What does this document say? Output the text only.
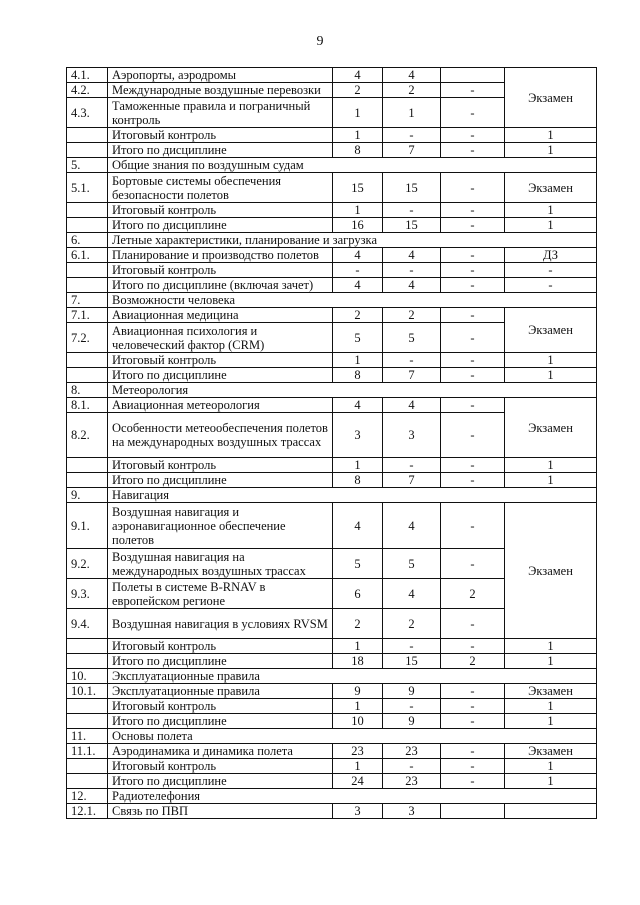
9
4.1.	Аэропорты, аэродромы	4	4		Экзамен
4.2.	Международные воздушные перевозки	2	2	-	
4.3.	Таможенные правила и пограничный контроль	1	1	-	
	Итоговый контроль	1	-	-	1
	Итого по дисциплине	8	7	-	1
5.	Общие знания по воздушным судам				
5.1.	Бортовые системы обеспечения безопасности полетов	15	15	-	Экзамен
	Итоговый контроль	1	-	-	1
	Итого по дисциплине	16	15	-	1
6.	Летные характеристики, планирование и загрузка				
6.1.	Планирование и производство полетов	4	4	-	ДЗ
	Итоговый контроль	-	-	-	-
	Итого по дисциплине (включая зачет)	4	4	-	-
7.	Возможности человека				
7.1.	Авиационная медицина	2	2	-	Экзамен
7.2.	Авиационная психология и человеческий фактор (CRM)	5	5	-	
	Итоговый контроль	1	-	-	1
	Итого по дисциплине	8	7	-	1
8.	Метеорология				
8.1.	Авиационная метеорология	4	4	-	Экзамен
8.2.	Особенности метеообеспечения полетов на международных воздушных трассах	3	3	-	
	Итоговый контроль	1	-	-	1
	Итого по дисциплине	8	7	-	1
9.	Навигация				
9.1.	Воздушная навигация и аэронавигационное обеспечение полетов	4	4	-	Экзамен
9.2.	Воздушная навигация на международных воздушных трассах	5	5	-	
9.3.	Полеты в системе B-RNAV в европейском регионе	6	4	2	
9.4.	Воздушная навигация в условиях RVSM	2	2	-	
	Итоговый контроль	1	-	-	1
	Итого по дисциплине	18	15	2	1
10.	Эксплуатационные правила				
10.1.	Эксплуатационные правила	9	9	-	Экзамен
	Итоговый контроль	1	-	-	1
	Итого по дисциплине	10	9	-	1
11.	Основы полета				
11.1.	Аэродинамика и динамика полета	23	23	-	Экзамен
	Итоговый контроль	1	-	-	1
	Итого по дисциплине	24	23	-	1
12.	Радиотелефония				
12.1.	Связь по ПВП	3	3		
